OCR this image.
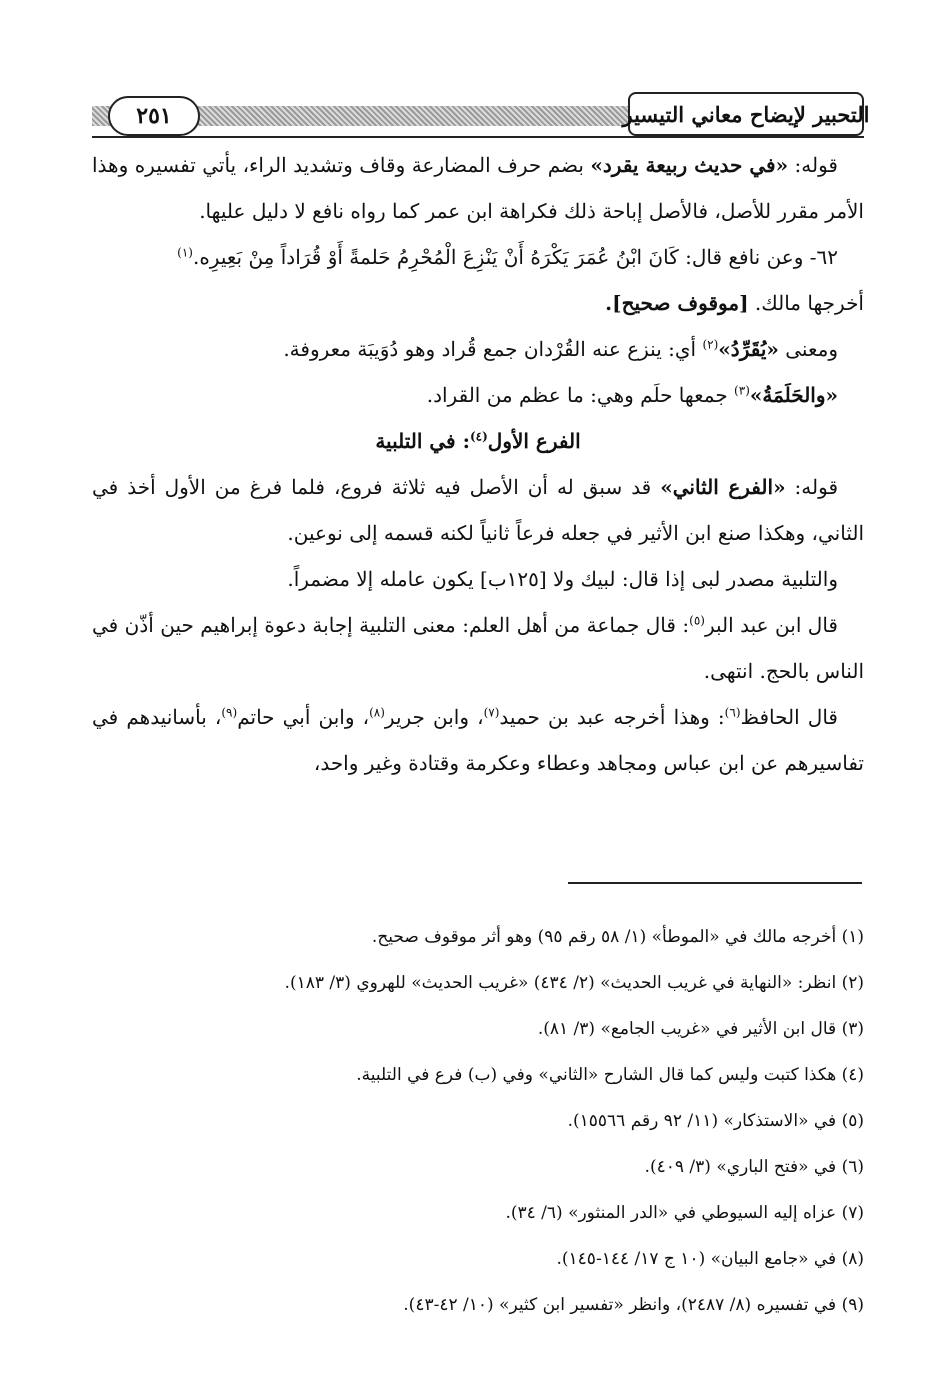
٢٥١	التحبير لإيضاح معاني التيسير

قوله: «في حديث ربيعة يقرد» بضم حرف المضارعة وقاف وتشديد الراء، يأتي تفسيره وهذا الأمر مقرر للأصل، فالأصل إباحة ذلك فكراهة ابن عمر كما رواه نافع لا دليل عليها.

٦٢- وعن نافع قال: كَانَ ابْنُ عُمَرَ يَكْرَهُ أَنْ يَنْزِعَ الْمُحْرِمُ حَلمةً أَوْ قُرَاداً مِنْ بَعِيرِه.$^{(١)}$

أخرجها مالك. [موقوف صحيح].

ومعنى «يُقَرِّدُ»$^{(٢)}$ أي: ينزع عنه القُرْدان جمع قُراد وهو دُوَيبَة معروفة.

«والحَلَمَةُ»$^{(٣)}$ جمعها حلَم وهي: ما عظم من القراد.

الفرع الأول$^{(٤)}$: في التلبية

قوله: «الفرع الثاني» قد سبق له أن الأصل فيه ثلاثة فروع، فلما فرغ من الأول أخذ في الثاني، وهكذا صنع ابن الأثير في جعله فرعاً ثانياً لكنه قسمه إلى نوعين.

والتلبية مصدر لبى إذا قال: لبيك ولا [١٢٥ب] يكون عامله إلا مضمراً.

قال ابن عبد البر$^{(٥)}$: قال جماعة من أهل العلم: معنى التلبية إجابة دعوة إبراهيم حين أذّن في الناس بالحج. انتهى.

قال الحافظ$^{(٦)}$: وهذا أخرجه عبد بن حميد$^{(٧)}$، وابن جرير$^{(٨)}$، وابن أبي حاتم$^{(٩)}$، بأسانيدهم في تفاسيرهم عن ابن عباس ومجاهد وعطاء وعكرمة وقتادة وغير واحد،

(١) أخرجه مالك في «الموطأ» (١/ ٥٨ رقم ٩٥) وهو أثر موقوف صحيح.

(٢) انظر: «النهاية في غريب الحديث» (٢/ ٤٣٤) «غريب الحديث» للهروي (٣/ ١٨٣).

(٣) قال ابن الأثير في «غريب الجامع» (٣/ ٨١).

(٤) هكذا كتبت وليس كما قال الشارح «الثاني» وفي (ب) فرع في التلبية.

(٥) في «الاستذكار» (١١/ ٩٢ رقم ١٥٥٦٦).

(٦) في «فتح الباري» (٣/ ٤٠٩).

(٧) عزاه إليه السيوطي في «الدر المنثور» (٦/ ٣٤).

(٨) في «جامع البيان» (١٠ ج ١٧/ ١٤٤-١٤٥).

(٩) في تفسيره (٨/ ٢٤٨٧)، وانظر «تفسير ابن كثير» (١٠/ ٤٢-٤٣).
